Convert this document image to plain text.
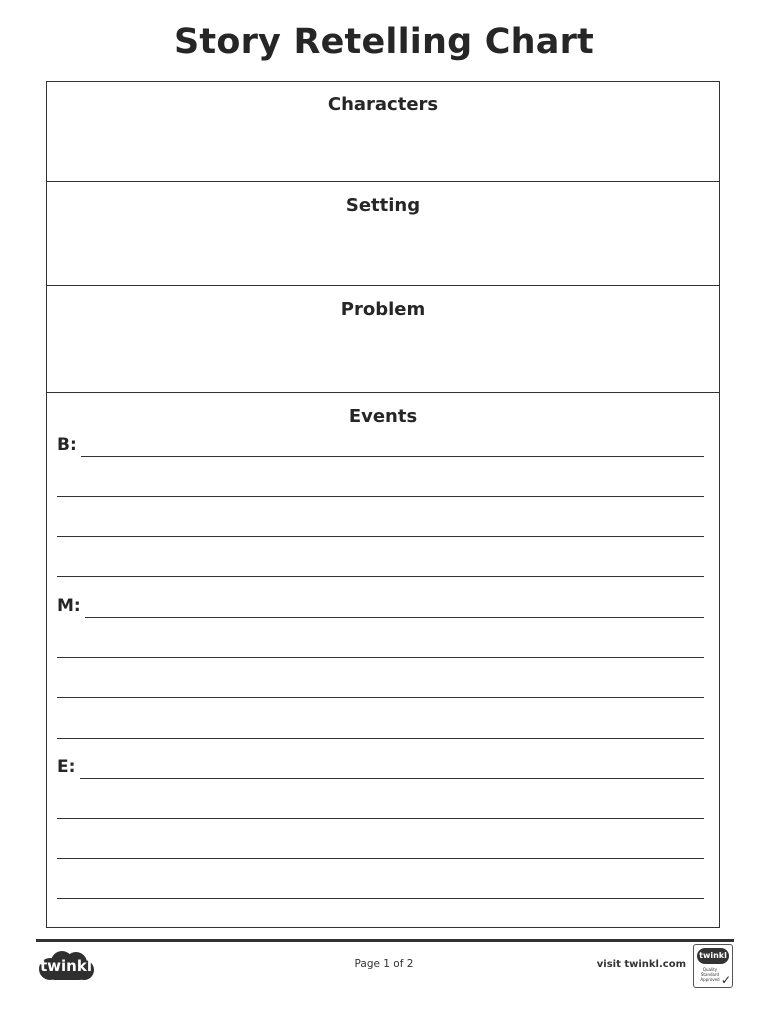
Story Retelling Chart
Characters
Setting
Problem
Events
B:
M:
E:
twinkl	Page 1 of 2	visit twinkl.com
twinkl
Quality Standard Approved ✓
